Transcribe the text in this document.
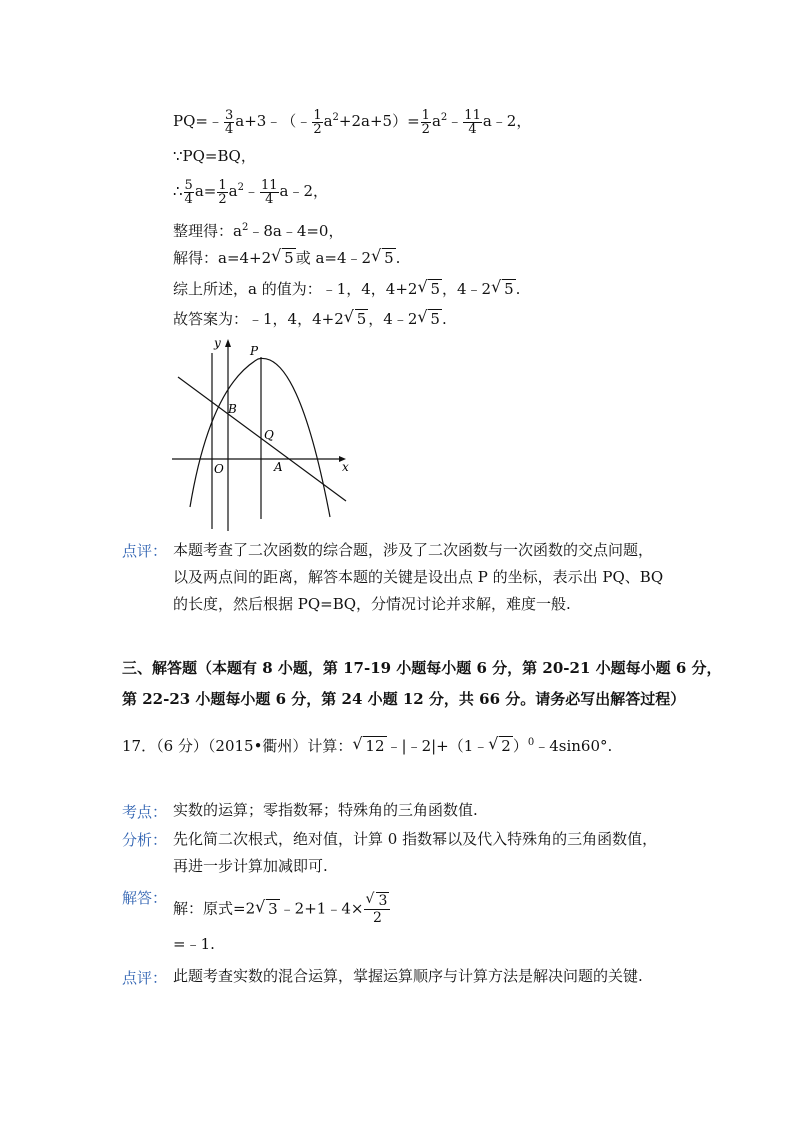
PQ=﹣ $\frac{3}{4}$ a+3﹣（﹣ $\frac{1}{2} a^2+2a+5)= \frac{1}{2}$ $a^2﹣ \frac{11}{4}$ a﹣2，
∵PQ=BQ，
∴ $\frac{5}{4} a= \frac{1}{2}$ $a^2﹣ \frac{11}{4}$ a﹣2，
整理得：$a^2﹣8a﹣4=0$，
解得：a=4+2 √ 5 或 a=4﹣2 √ 5 .
综上所述，a 的值为：﹣1，4，4+2 √ 5 ，4﹣2 √ 5 .
故答案为：﹣1，4，4+2 √ 5 ，4﹣2 √ 5 .
y
x
P
B
Q
O	A
点评： 本题考查了二次函数的综合题，涉及了二次函数与一次函数的交点问题，
以及两点间的距离，解答本题的关键是设出点 P 的坐标，表示出 PQ、BQ
的长度，然后根据 PQ=BQ，分情况讨论并求解，难度一般.
三、解答题（本题有 8 小题，第 17-19 小题每小题 6 分，第 20-21 小题每小题 6 分，
第 22-23 小题每小题 6 分，第 24 小题 12 分，共 66 分。请务必写出解答过程）
17．（6 分）（2015•衢州）计算： √ 12 ﹣|﹣2|+（1﹣ √ 2 ）$^0$﹣4sin60°.
考点： 实数的运算；零指数幂；特殊角的三角函数值.
分析： 先化简二次根式，绝对值，计算 0 指数幂以及代入特殊角的三角函数值，
再进一步计算加减即可.
解答：
解：原式=2 √ 3 ﹣2+1﹣4× $\frac{√ 3}{2}$
=﹣1.
点评： 此题考查实数的混合运算，掌握运算顺序与计算方法是解决问题的关键.
